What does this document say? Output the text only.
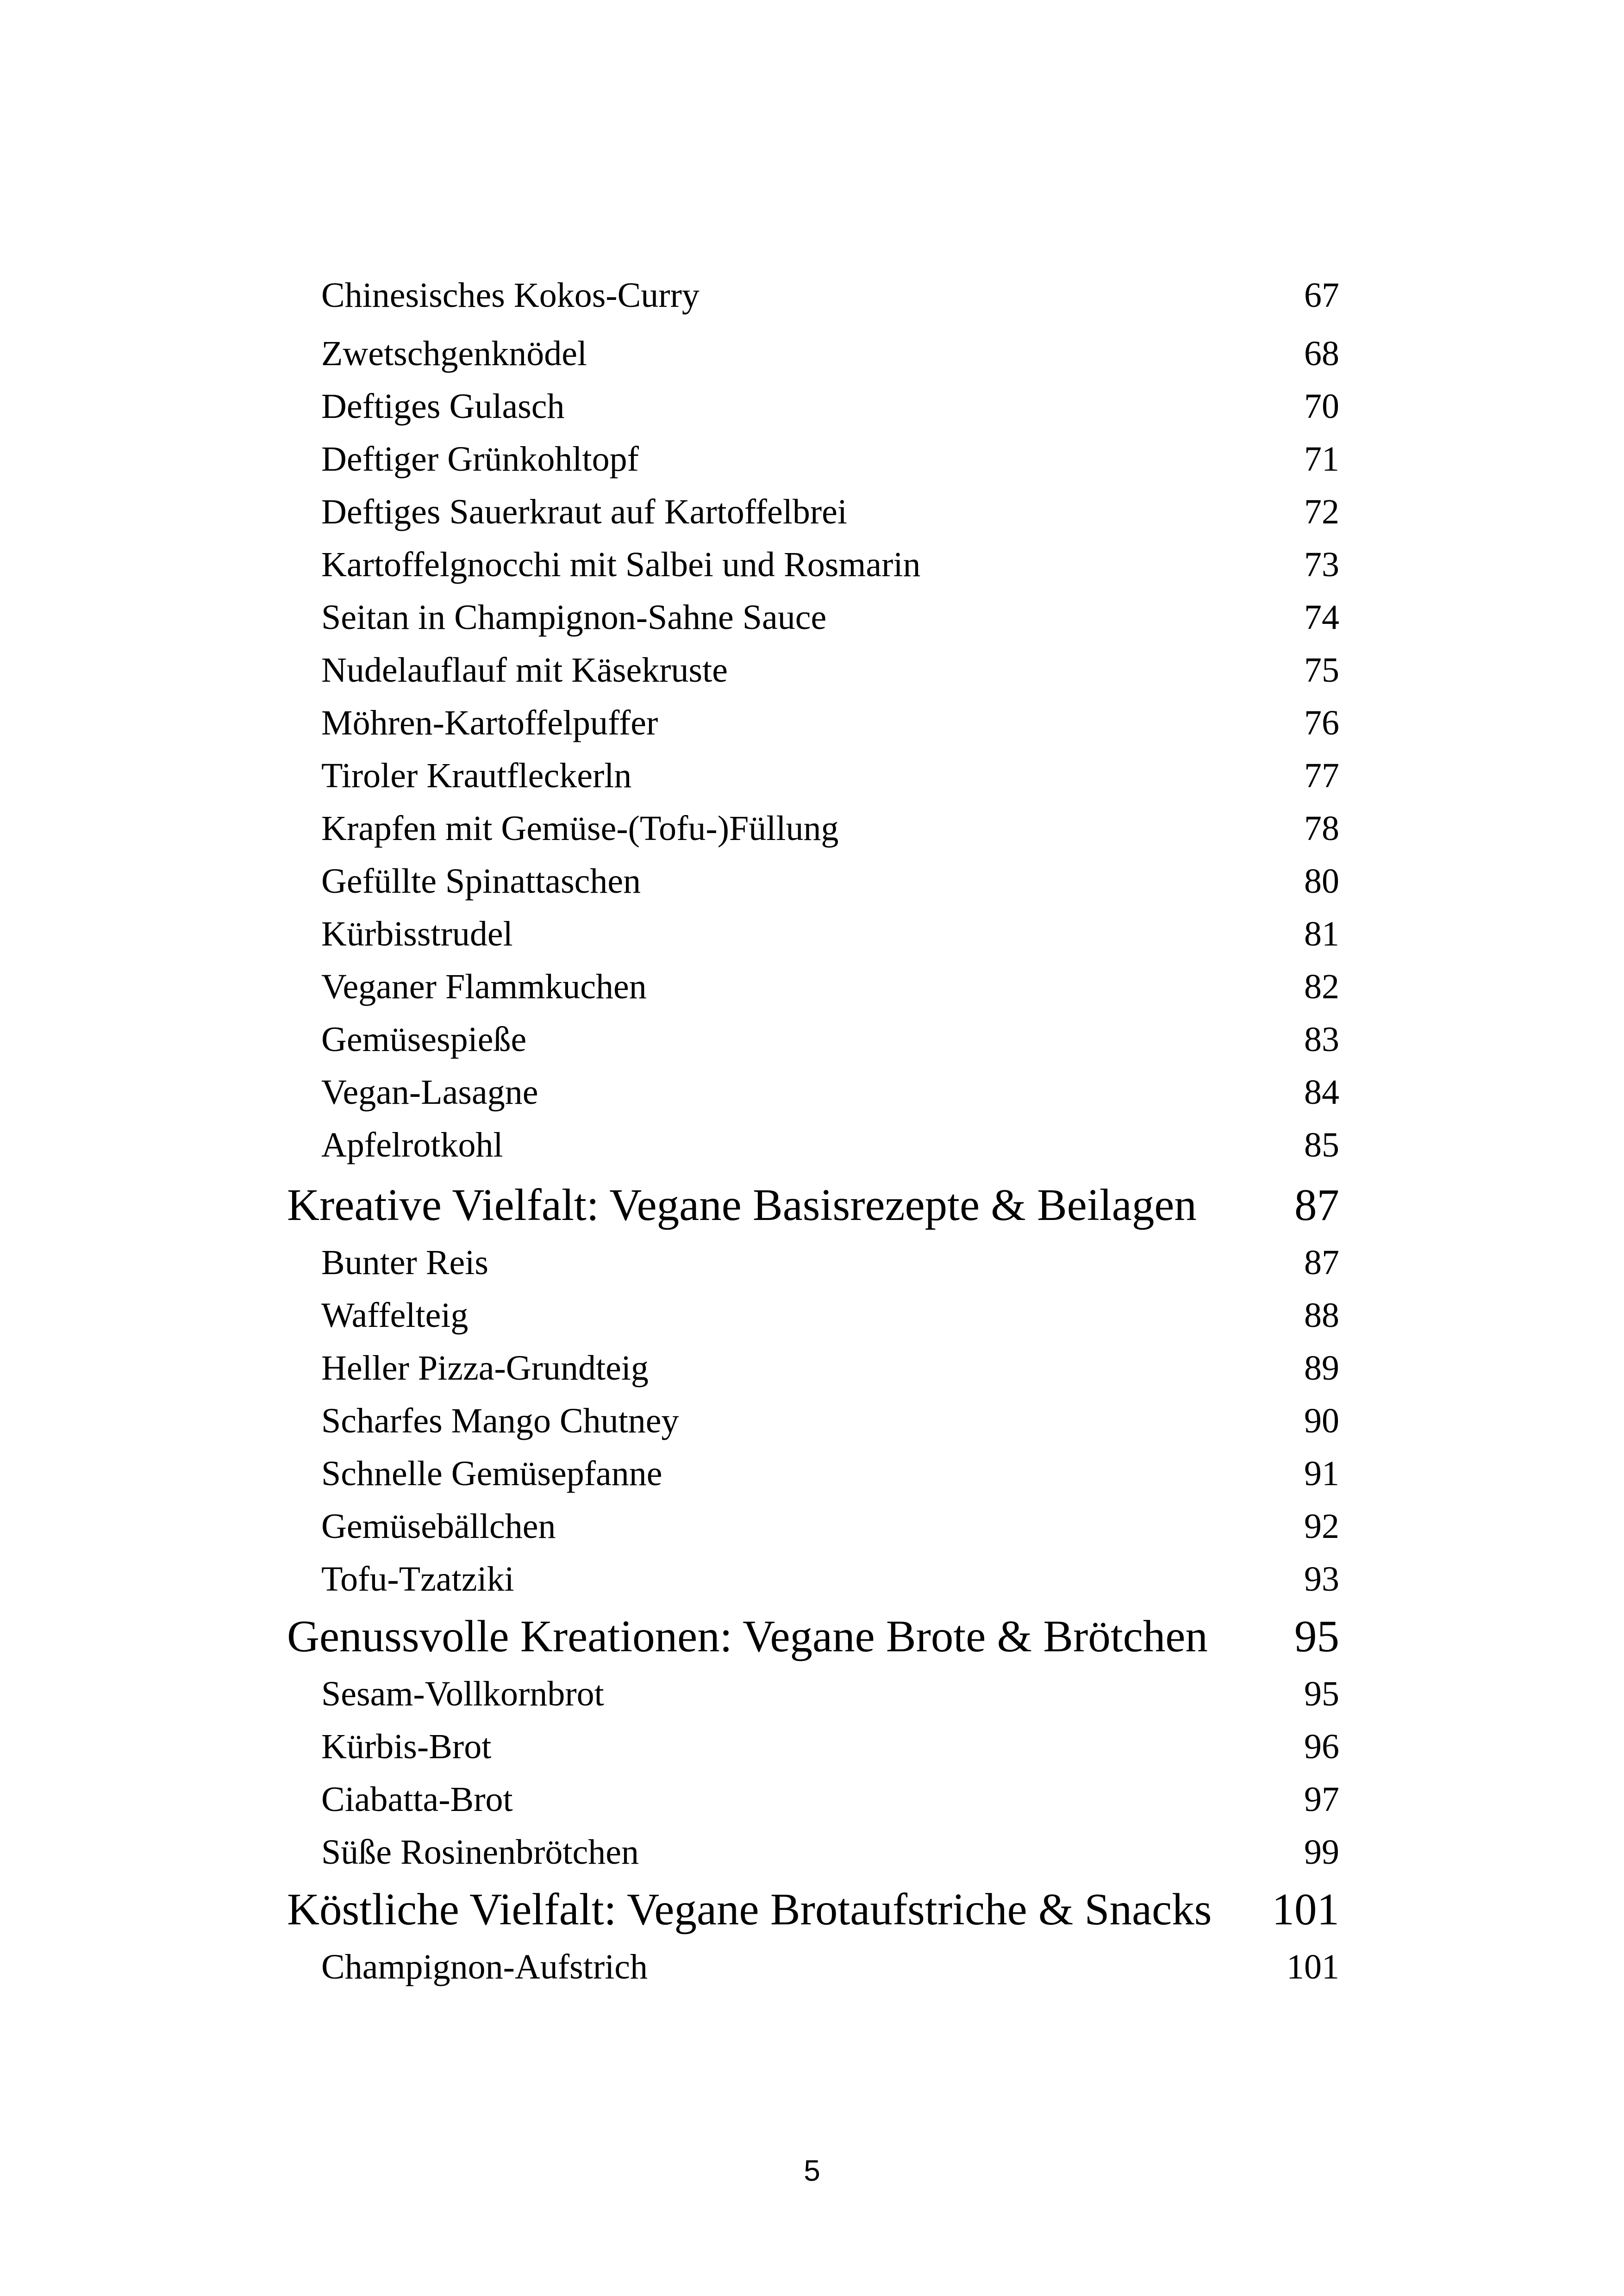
Chinesisches Kokos-Curry	67
Zwetschgenknödel	68
Deftiges Gulasch	70
Deftiger Grünkohltopf	71
Deftiges Sauerkraut auf Kartoffelbrei	72
Kartoffelgnocchi mit Salbei und Rosmarin	73
Seitan in Champignon-Sahne Sauce	74
Nudelauflauf mit Käsekruste	75
Möhren-Kartoffelpuffer	76
Tiroler Krautfleckerln	77
Krapfen mit Gemüse-(Tofu-)Füllung	78
Gefüllte Spinattaschen	80
Kürbisstrudel	81
Veganer Flammkuchen	82
Gemüsespieße	83
Vegan-Lasagne	84
Apfelrotkohl	85
Kreative Vielfalt: Vegane Basisrezepte & Beilagen 87
Bunter Reis	87
Waffelteig	88
Heller Pizza-Grundteig	89
Scharfes Mango Chutney	90
Schnelle Gemüsepfanne	91
Gemüsebällchen	92
Tofu-Tzatziki	93
Genussvolle Kreationen: Vegane Brote & Brötchen 95
Sesam-Vollkornbrot	95
Kürbis-Brot	96
Ciabatta-Brot	97
Süße Rosinenbrötchen	99
Köstliche Vielfalt: Vegane Brotaufstriche & Snacks 101
Champignon-Aufstrich	101
5
